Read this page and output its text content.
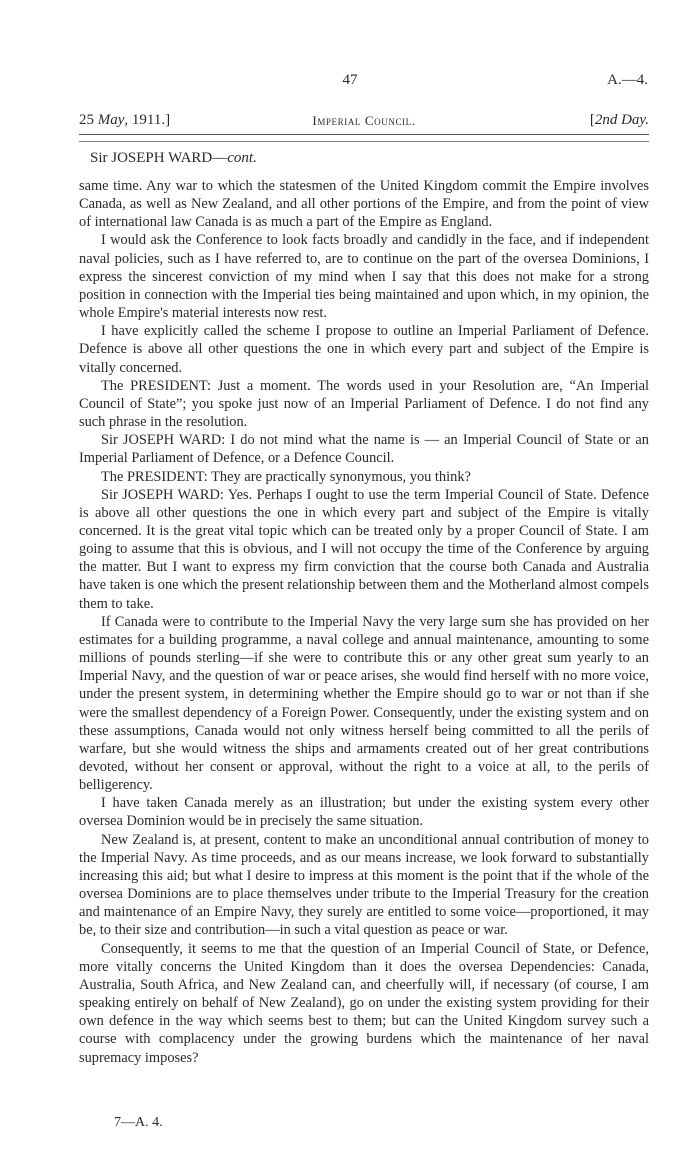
47	A.—4.
25 May, 1911.]	Imperial Council.	[2nd Day.
Sir JOSEPH WARD—cont.

same time. Any war to which the statesmen of the United Kingdom commit the Empire involves Canada, as well as New Zealand, and all other portions of the Empire, and from the point of view of international law Canada is as much a part of the Empire as England.

I would ask the Conference to look facts broadly and candidly in the face, and if independent naval policies, such as I have referred to, are to continue on the part of the oversea Dominions, I express the sincerest conviction of my mind when I say that this does not make for a strong position in connection with the Imperial ties being maintained and upon which, in my opinion, the whole Empire's material interests now rest.

I have explicitly called the scheme I propose to outline an Imperial Parliament of Defence. Defence is above all other questions the one in which every part and subject of the Empire is vitally concerned.

The PRESIDENT: Just a moment. The words used in your Resolution are, “An Imperial Council of State”; you spoke just now of an Imperial Parliament of Defence. I do not find any such phrase in the resolution.

Sir JOSEPH WARD: I do not mind what the name is — an Imperial Council of State or an Imperial Parliament of Defence, or a Defence Council.

The PRESIDENT: They are practically synonymous, you think?

Sir JOSEPH WARD: Yes. Perhaps I ought to use the term Imperial Council of State. Defence is above all other questions the one in which every part and subject of the Empire is vitally concerned. It is the great vital topic which can be treated only by a proper Council of State. I am going to assume that this is obvious, and I will not occupy the time of the Conference by arguing the matter. But I want to express my firm conviction that the course both Canada and Australia have taken is one which the present relationship between them and the Motherland almost compels them to take.

If Canada were to contribute to the Imperial Navy the very large sum she has provided on her estimates for a building programme, a naval college and annual maintenance, amounting to some millions of pounds sterling—if she were to contribute this or any other great sum yearly to an Imperial Navy, and the question of war or peace arises, she would find herself with no more voice, under the present system, in determining whether the Empire should go to war or not than if she were the smallest dependency of a Foreign Power. Consequently, under the existing system and on these assumptions, Canada would not only witness herself being committed to all the perils of warfare, but she would witness the ships and armaments created out of her great contributions devoted, without her consent or approval, without the right to a voice at all, to the perils of belligerency.

I have taken Canada merely as an illustration; but under the existing system every other oversea Dominion would be in precisely the same situation.

New Zealand is, at present, content to make an unconditional annual contribution of money to the Imperial Navy. As time proceeds, and as our means increase, we look forward to substantially increasing this aid; but what I desire to impress at this moment is the point that if the whole of the oversea Dominions are to place themselves under tribute to the Imperial Treasury for the creation and maintenance of an Empire Navy, they surely are entitled to some voice—proportioned, it may be, to their size and contribution—in such a vital question as peace or war.

Consequently, it seems to me that the question of an Imperial Council of State, or Defence, more vitally concerns the United Kingdom than it does the oversea Dependencies: Canada, Australia, South Africa, and New Zealand can, and cheerfully will, if necessary (of course, I am speaking entirely on behalf of New Zealand), go on under the existing system providing for their own defence in the way which seems best to them; but can the United Kingdom survey such a course with complacency under the growing burdens which the maintenance of her naval supremacy imposes?

7—A. 4.
